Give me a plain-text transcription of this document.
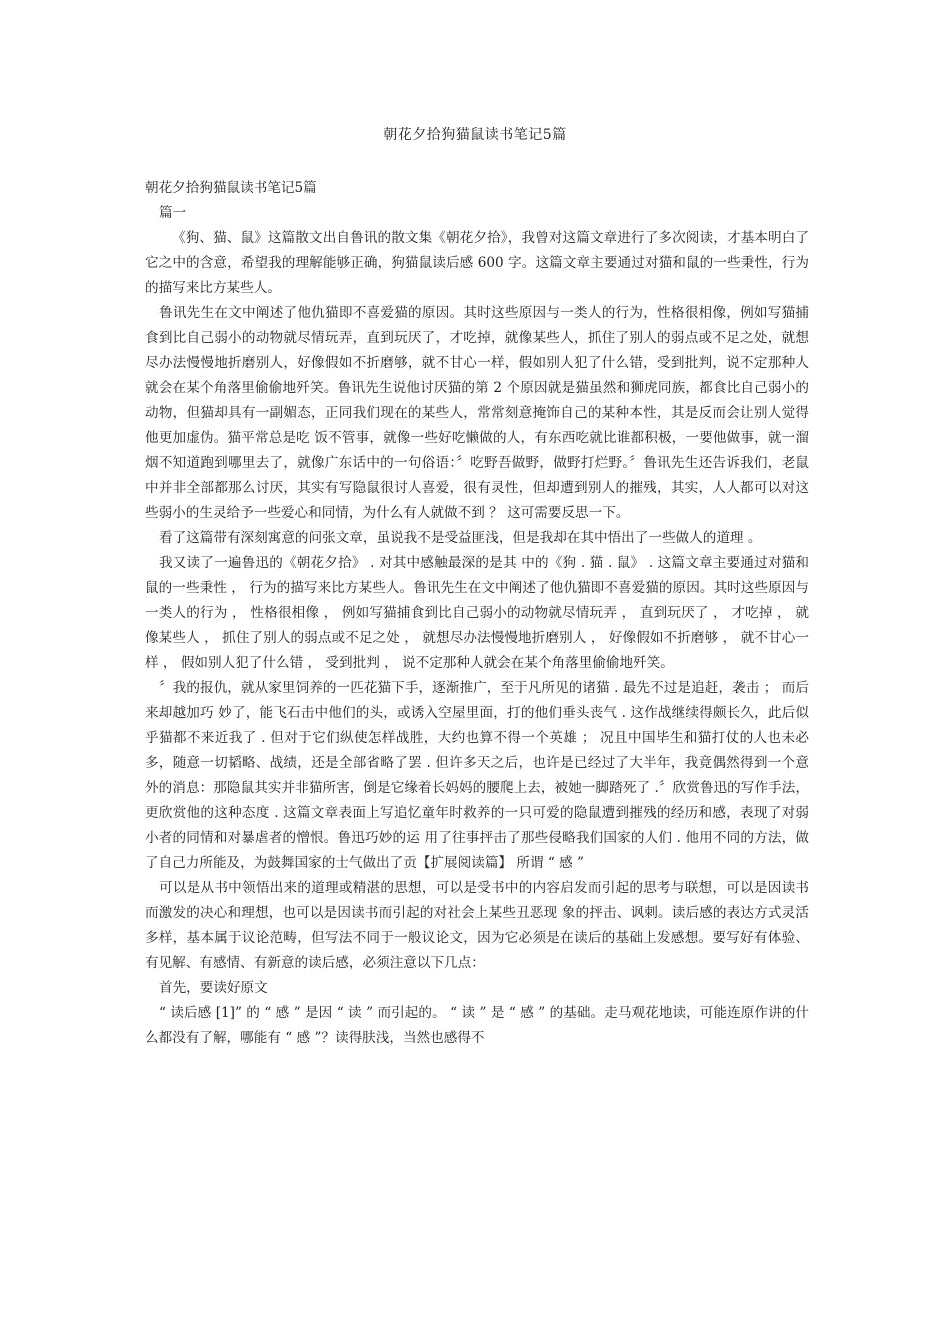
朝花夕拾狗猫鼠读书笔记5篇

朝花夕拾狗猫鼠读书笔记5篇

篇一

《狗、猫、鼠》这篇散文出自鲁讯的散文集《朝花夕拾》，我曾对这篇文章进行了多次阅读，才基本明白了它之中的含意，希望我的理解能够正确，狗猫鼠读后感 600 字。这篇文章主要通过对猫和鼠的一些秉性，行为的描写来比方某些人。

鲁讯先生在文中阐述了他仇猫即不喜爱猫的原因。其时这些原因与一类人的行为，性格很相像，例如写猫捕食到比自己弱小的动物就尽情玩弄，直到玩厌了，才吃掉，就像某些人，抓住了别人的弱点或不足之处，就想尽办法慢慢地折磨别人，好像假如不折磨够，就不甘心一样，假如别人犯了什么错，受到批判，说不定那种人就会在某个角落里偷偷地歼笑。鲁讯先生说他讨厌猫的第 2 个原因就是猫虽然和狮虎同族，都食比自己弱小的动物，但猫却具有一副媚态，正同我们现在的某些人，常常刻意掩饰自己的某种本性，其是反而会让别人觉得他更加虚伪。猫平常总是吃 饭不管事，就像一些好吃懒做的人，有东西吃就比谁都积极，一要他做事，就一溜烟不知道跑到哪里去了，就像广东话中的一句俗语：〞吃野吾做野，做野打烂野。〞鲁讯先生还告诉我们，老鼠中并非全部都那么讨厌，其实有写隐鼠很讨人喜爱，很有灵性，但却遭到别人的摧残，其实，人人都可以对这些弱小的生灵给予一些爱心和同情，为什么有人就做不到 ？ 这可需要反思一下。

看了这篇带有深刻寓意的问张文章，虽说我不是受益匪浅，但是我却在其中悟出了一些做人的道理 。

我又读了一遍鲁迅的《朝花夕拾》 . 对其中感触最深的是其 中的《狗 . 猫 . 鼠》 . 这篇文章主要通过对猫和鼠的一些秉性 ， 行为的描写来比方某些人。鲁讯先生在文中阐述了他仇猫即不喜爱猫的原因。其时这些原因与一类人的行为 ， 性格很相像 ， 例如写猫捕食到比自己弱小的动物就尽情玩弄 ， 直到玩厌了 ， 才吃掉 ， 就像某些人 ， 抓住了别人的弱点或不足之处 ， 就想尽办法慢慢地折磨别人 ， 好像假如不折磨够 ， 就不甘心一样 ， 假如别人犯了什么错 ， 受到批判 ， 说不定那种人就会在某个角落里偷偷地歼笑。

〞我的报仇，就从家里饲养的一匹花猫下手，逐渐推广，至于凡所见的诸猫 . 最先不过是追赶，袭击 ； 而后来却越加巧 妙了，能飞石击中他们的头，或诱入空屋里面，打的他们垂头丧气 . 这作战继续得颇长久，此后似乎猫都不来近我了 . 但对于它们纵使怎样战胜，大约也算不得一个英雄 ； 况且中国毕生和猫打仗的人也未必多，随意一切韬略、战绩，还是全部省略了罢 . 但许多天之后，也许是已经过了大半年，我竟偶然得到一个意外的消息：那隐鼠其实并非猫所害，倒是它缘着长妈妈的腰爬上去，被她一脚踏死了 .〞欣赏鲁迅的写作手法，更欣赏他的这种态度 . 这篇文章表面上写追忆童年时救养的一只可爱的隐鼠遭到摧残的经历和感，表现了对弱小者的同情和对暴虐者的憎恨。鲁迅巧妙的运 用了往事抨击了那些侵略我们国家的人们 . 他用不同的方法，做了自己力所能及，为鼓舞国家的士气做出了贡【扩展阅读篇】 所谓 “ 感 ”

可以是从书中领悟出来的道理或精湛的思想，可以是受书中的内容启发而引起的思考与联想，可以是因读书而激发的决心和理想，也可以是因读书而引起的对社会上某些丑恶现 象的抨击、讽刺。读后感的表达方式灵活多样，基本属于议论范畴，但写法不同于一般议论文，因为它必须是在读后的基础上发感想。要写好有体验、有见解、有感情、有新意的读后感，必须注意以下几点：

首先，要读好原文

“ 读后感 [1]” 的 “ 感 ” 是因 “ 读 ” 而引起的。 “ 读 ” 是 “ 感 ” 的基础。走马观花地读，可能连原作讲的什么都没有了解，哪能有 “ 感 ”？读得肤浅，当然也感得不
